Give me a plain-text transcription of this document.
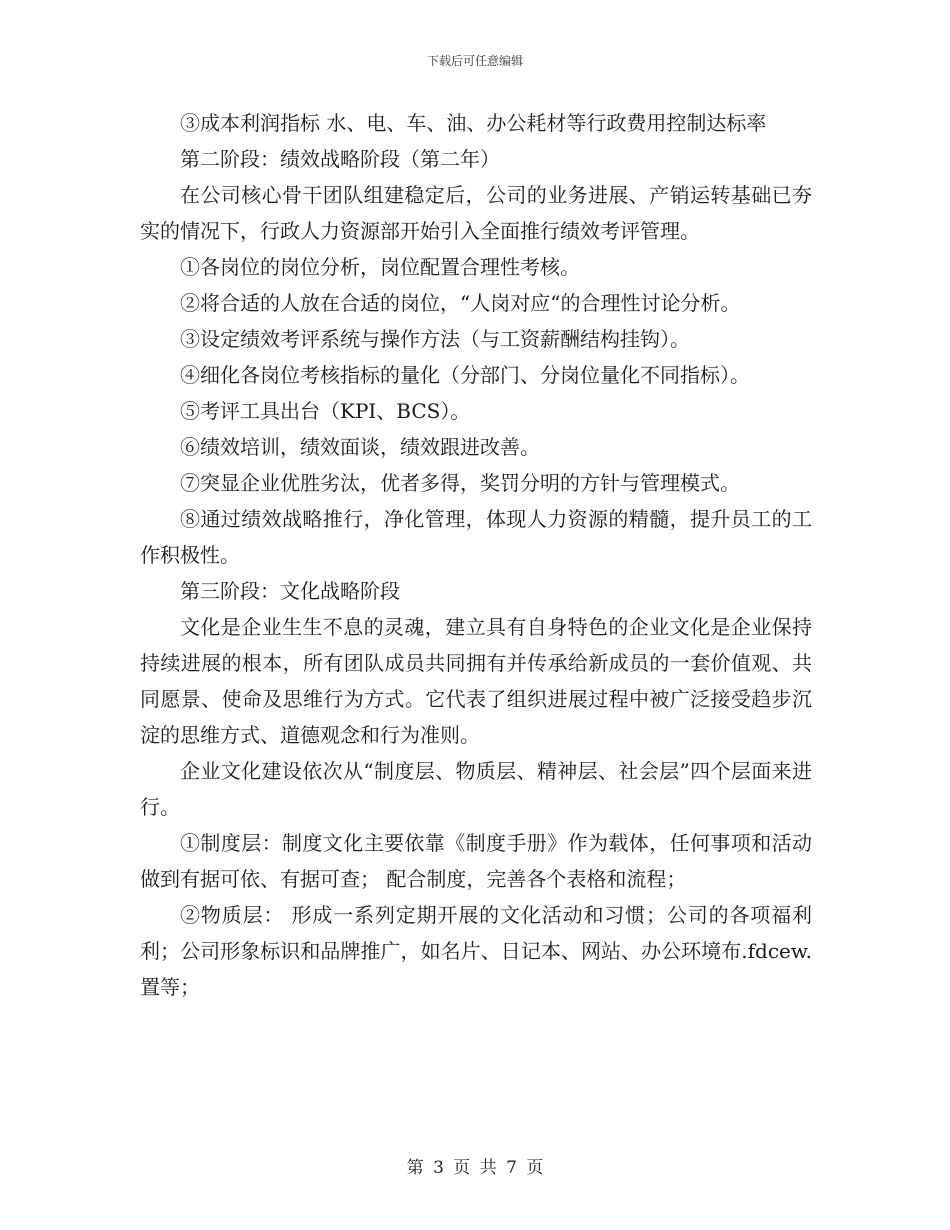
下载后可任意编辑

③成本利润指标 水、电、车、油、办公耗材等行政费用控制达标率

第二阶段：绩效战略阶段（第二年）

在公司核心骨干团队组建稳定后，公司的业务进展、产销运转基础已夯实的情况下，行政人力资源部开始引入全面推行绩效考评管理。

①各岗位的岗位分析，岗位配置合理性考核。

②将合适的人放在合适的岗位，“人岗对应“的合理性讨论分析。

③设定绩效考评系统与操作方法（与工资薪酬结构挂钩）。

④细化各岗位考核指标的量化（分部门、分岗位量化不同指标）。

⑤考评工具出台（KPI、BCS）。

⑥绩效培训，绩效面谈，绩效跟进改善。

⑦突显企业优胜劣汰，优者多得，奖罚分明的方针与管理模式。

⑧通过绩效战略推行，净化管理，体现人力资源的精髓，提升员工的工作积极性。

第三阶段：文化战略阶段

文化是企业生生不息的灵魂，建立具有自身特色的企业文化是企业保持持续进展的根本，所有团队成员共同拥有并传承给新成员的一套价值观、共同愿景、使命及思维行为方式。它代表了组织进展过程中被广泛接受趋步沉淀的思维方式、道德观念和行为准则。

企业文化建设依次从“制度层、物质层、精神层、社会层”四个层面来进行。

①制度层：制度文化主要依靠《制度手册》作为载体，任何事项和活动做到有据可依、有据可查； 配合制度，完善各个表格和流程；

②物质层： 形成一系列定期开展的文化活动和习惯；公司的各项福利利；公司形象标识和品牌推广，如名片、日记本、网站、办公环境布.fdcew.置等；

第 3 页 共 7 页
